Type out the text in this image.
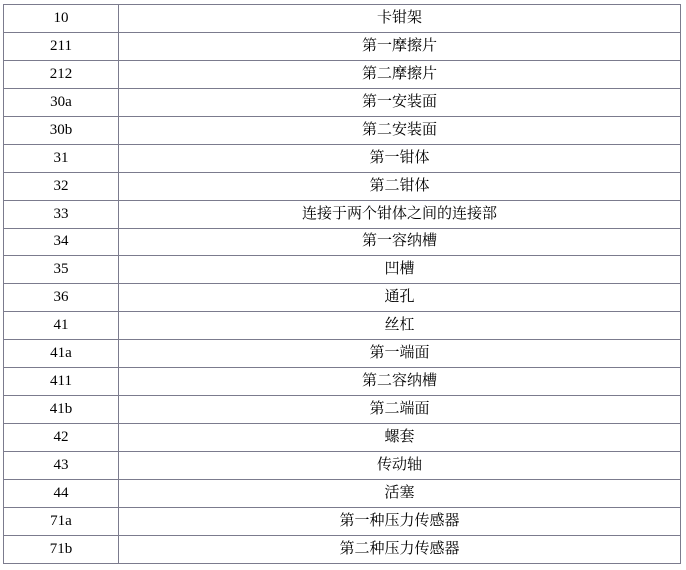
10	卡钳架
211	第一摩擦片
212	第二摩擦片
30a	第一安装面
30b	第二安装面
31	第一钳体
32	第二钳体
33	连接于两个钳体之间的连接部
34	第一容纳槽
35	凹槽
36	通孔
41	丝杠
41a	第一端面
411	第二容纳槽
41b	第二端面
42	螺套
43	传动轴
44	活塞
71a	第一种压力传感器
71b	第二种压力传感器
